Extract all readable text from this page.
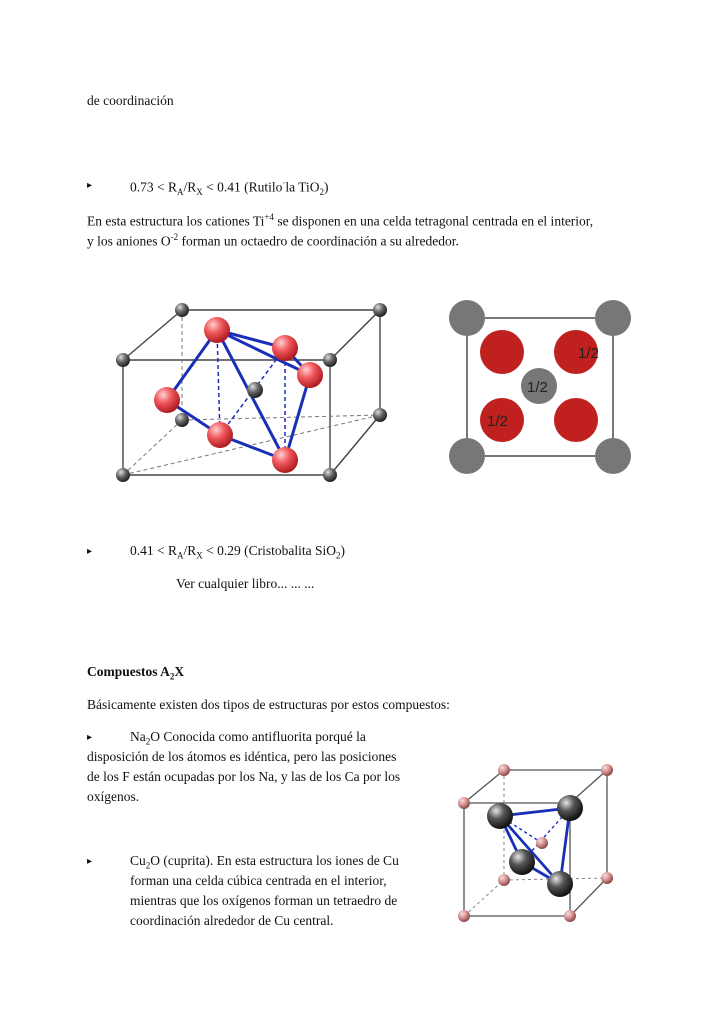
de coordinación
▸	$0.73 < R_A/R_X < 0.41$ (Rutilo·la TiO$_2$)
En esta estructura los cationes $Ti^{+4}$ se disponen en una celda tetragonal centrada en el interior,
y los aniones $O^{-2}$ forman un octaedro de coordinación a su alrededor.
1/2
1/2
1/2
▸	$0.41 < R_A/R_X < 0.29$ (Cristobalita SiO$_2$)
Ver cualquier libro... ... ...
Compuestos $A_2X$
Básicamente existen dos tipos de estructuras por estos compuestos:
▸	$Na_2O$ Conocida como antifluorita porqué la
disposición de los átomos es idéntica, pero las posiciones
de los F están ocupadas por los Na, y las de los Ca por los
oxígenos.
▸	$Cu_2O$ (cuprita). En esta estructura los iones de Cu
forman una celda cúbica centrada en el interior,
mientras que los oxígenos forman un tetraedro de
coordinación alrededor de Cu central.
